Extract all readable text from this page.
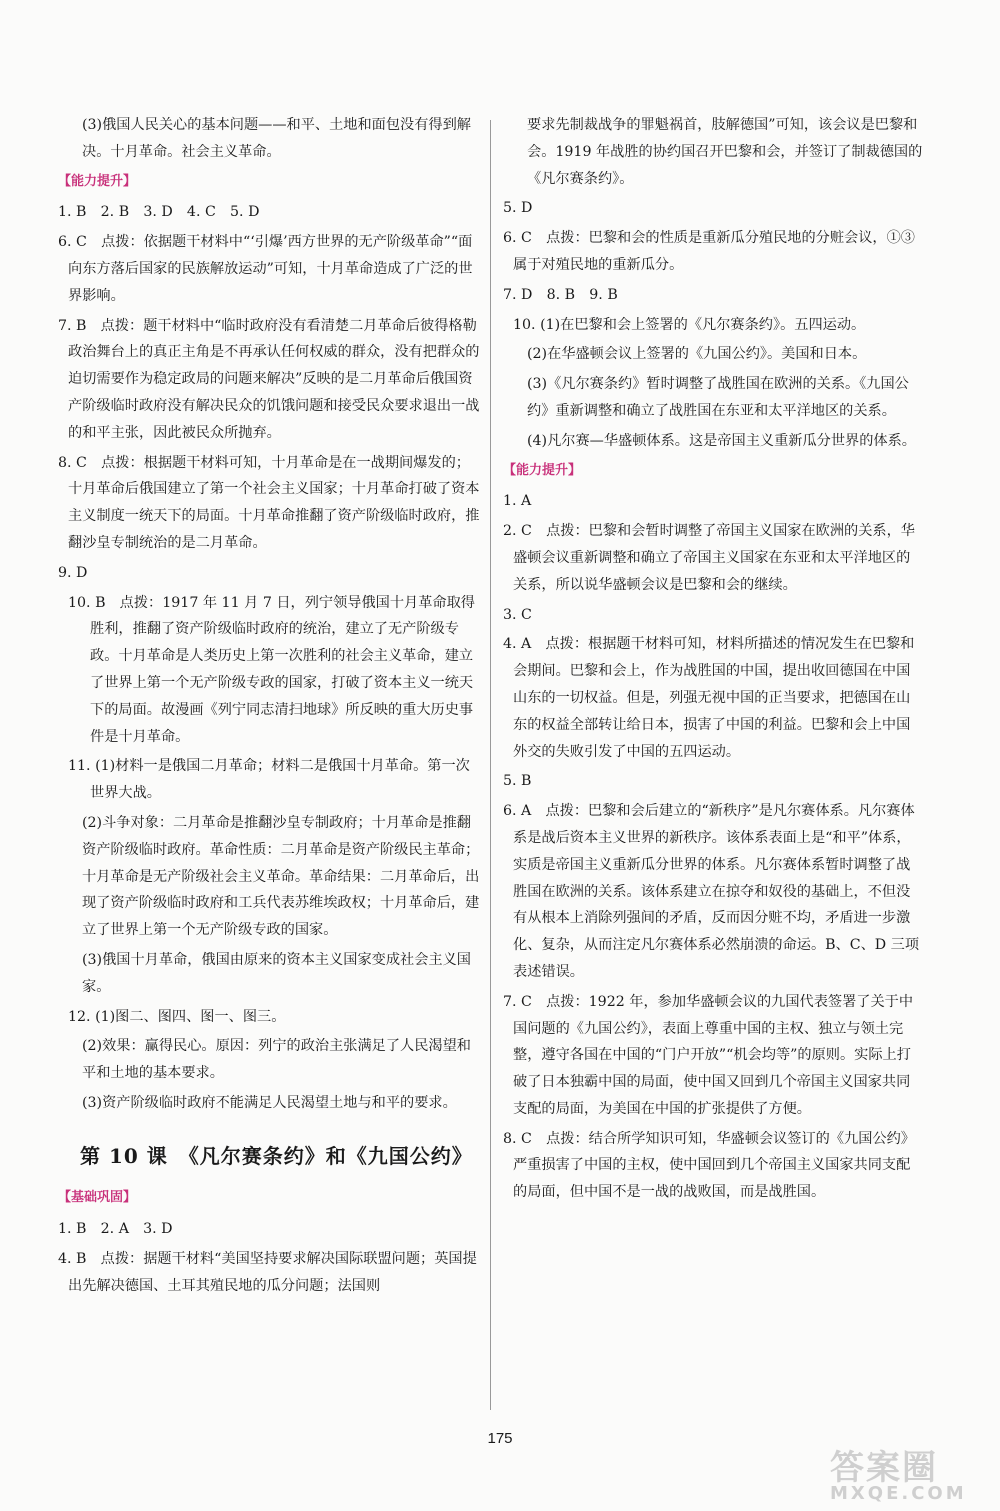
(3)俄国人民关心的基本问题——和平、土地和面包没有得到解决。十月革命。社会主义革命。

【能力提升】

1. B　2. B　3. D　4. C　5. D

6. C　点拨：依据题干材料中“‘引爆’西方世界的无产阶级革命”“面向东方落后国家的民族解放运动”可知，十月革命造成了广泛的世界影响。

7. B　点拨：题干材料中“临时政府没有看清楚二月革命后彼得格勒政治舞台上的真正主角是不再承认任何权威的群众，没有把群众的迫切需要作为稳定政局的问题来解决”反映的是二月革命后俄国资产阶级临时政府没有解决民众的饥饿问题和接受民众要求退出一战的和平主张，因此被民众所抛弃。

8. C　点拨：根据题干材料可知，十月革命是在一战期间爆发的；十月革命后俄国建立了第一个社会主义国家；十月革命打破了资本主义制度一统天下的局面。十月革命推翻了资产阶级临时政府，推翻沙皇专制统治的是二月革命。

9. D

10. B　点拨：1917 年 11 月 7 日，列宁领导俄国十月革命取得胜利，推翻了资产阶级临时政府的统治，建立了无产阶级专政。十月革命是人类历史上第一次胜利的社会主义革命，建立了世界上第一个无产阶级专政的国家，打破了资本主义一统天下的局面。故漫画《列宁同志清扫地球》所反映的重大历史事件是十月革命。

11. (1)材料一是俄国二月革命；材料二是俄国十月革命。第一次世界大战。

(2)斗争对象：二月革命是推翻沙皇专制政府；十月革命是推翻资产阶级临时政府。革命性质：二月革命是资产阶级民主革命；十月革命是无产阶级社会主义革命。革命结果：二月革命后，出现了资产阶级临时政府和工兵代表苏维埃政权；十月革命后，建立了世界上第一个无产阶级专政的国家。

(3)俄国十月革命，俄国由原来的资本主义国家变成社会主义国家。

12. (1)图二、图四、图一、图三。

(2)效果：赢得民心。原因：列宁的政治主张满足了人民渴望和平和土地的基本要求。

(3)资产阶级临时政府不能满足人民渴望土地与和平的要求。

第 10 课　《凡尔赛条约》和《九国公约》
【基础巩固】

1. B　2. A　3. D

4. B　点拨：据题干材料“美国坚持要求解决国际联盟问题；英国提出先解决德国、土耳其殖民地的瓜分问题；法国则

要求先制裁战争的罪魁祸首，肢解德国”可知，该会议是巴黎和会。1919 年战胜的协约国召开巴黎和会，并签订了制裁德国的《凡尔赛条约》。

5. D

6. C　点拨：巴黎和会的性质是重新瓜分殖民地的分赃会议，①③属于对殖民地的重新瓜分。

7. D　8. B　9. B

10. (1)在巴黎和会上签署的《凡尔赛条约》。五四运动。

(2)在华盛顿会议上签署的《九国公约》。美国和日本。

(3)《凡尔赛条约》暂时调整了战胜国在欧洲的关系。《九国公约》重新调整和确立了战胜国在东亚和太平洋地区的关系。

(4)凡尔赛—华盛顿体系。这是帝国主义重新瓜分世界的体系。

【能力提升】

1. A

2. C　点拨：巴黎和会暂时调整了帝国主义国家在欧洲的关系，华盛顿会议重新调整和确立了帝国主义国家在东亚和太平洋地区的关系，所以说华盛顿会议是巴黎和会的继续。

3. C

4. A　点拨：根据题干材料可知，材料所描述的情况发生在巴黎和会期间。巴黎和会上，作为战胜国的中国，提出收回德国在中国山东的一切权益。但是，列强无视中国的正当要求，把德国在山东的权益全部转让给日本，损害了中国的利益。巴黎和会上中国外交的失败引发了中国的五四运动。

5. B

6. A　点拨：巴黎和会后建立的“新秩序”是凡尔赛体系。凡尔赛体系是战后资本主义世界的新秩序。该体系表面上是“和平”体系，实质是帝国主义重新瓜分世界的体系。凡尔赛体系暂时调整了战胜国在欧洲的关系。该体系建立在掠夺和奴役的基础上，不但没有从根本上消除列强间的矛盾，反而因分赃不均，矛盾进一步激化、复杂，从而注定凡尔赛体系必然崩溃的命运。B、C、D 三项表述错误。

7. C　点拨：1922 年，参加华盛顿会议的九国代表签署了关于中国问题的《九国公约》，表面上尊重中国的主权、独立与领土完整，遵守各国在中国的“门户开放”“机会均等”的原则。实际上打破了日本独霸中国的局面，使中国又回到几个帝国主义国家共同支配的局面，为美国在中国的扩张提供了方便。

8. C　点拨：结合所学知识可知，华盛顿会议签订的《九国公约》严重损害了中国的主权，使中国回到几个帝国主义国家共同支配的局面，但中国不是一战的战败国，而是战胜国。

175
答案圈
MXQE.COM
